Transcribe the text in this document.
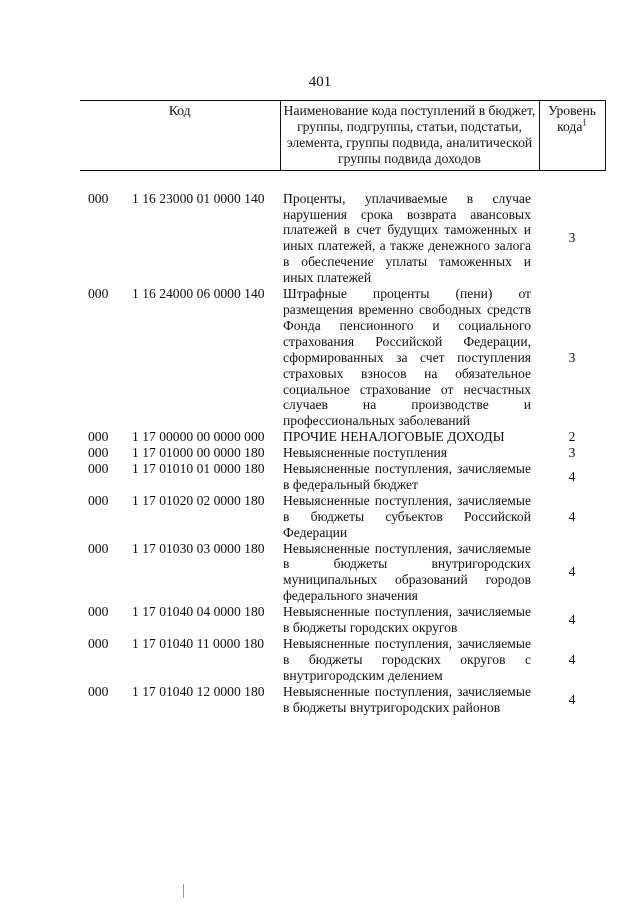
401
Код	Наименование кода поступлений в бюджет, группы, подгруппы, статьи, подстатьи, элемента, группы подвида, аналитической группы подвида доходов	Уровень кода$^1$

000 1 16 23000 01 0000 140	Проценты, уплачиваемые в случае нарушения срока возврата авансовых платежей в счет будущих таможенных и иных платежей, а также денежного залога в обеспечение уплаты таможенных и иных платежей	3
000 1 16 24000 06 0000 140	Штрафные проценты (пени) от размещения временно свободных средств Фонда пенсионного и социального страхования Российской Федерации, сформированных за счет поступления страховых взносов на обязательное социальное страхование от несчастных случаев на производстве и профессиональных заболеваний	3
000 1 17 00000 00 0000 000	ПРОЧИЕ НЕНАЛОГОВЫЕ ДОХОДЫ	2
000 1 17 01000 00 0000 180	Невыясненные поступления	3
000 1 17 01010 01 0000 180	Невыясненные поступления, зачисляемые в федеральный бюджет	4
000 1 17 01020 02 0000 180	Невыясненные поступления, зачисляемые в бюджеты субъектов Российской Федерации	4
000 1 17 01030 03 0000 180	Невыясненные поступления, зачисляемые в бюджеты внутригородских муниципальных образований городов федерального значения	4
000 1 17 01040 04 0000 180	Невыясненные поступления, зачисляемые в бюджеты городских округов	4
000 1 17 01040 11 0000 180	Невыясненные поступления, зачисляемые в бюджеты городских округов с внутригородским делением	4
000 1 17 01040 12 0000 180	Невыясненные поступления, зачисляемые в бюджеты внутригородских районов	4
